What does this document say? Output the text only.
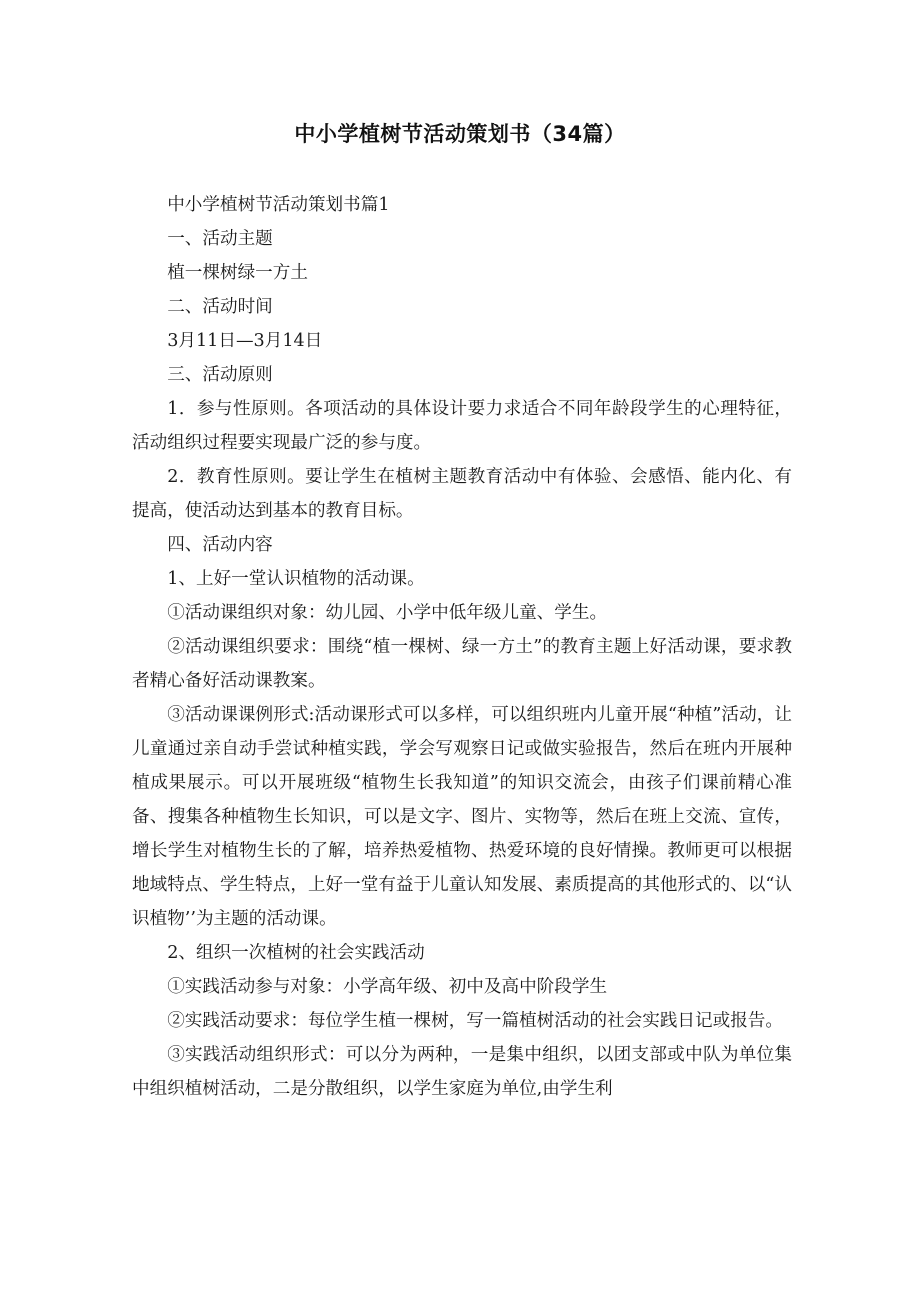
中小学植树节活动策划书（34篇）

中小学植树节活动策划书篇1

一、活动主题

植一棵树绿一方土

二、活动时间

3月11日—3月14日

三、活动原则

1．参与性原则。各项活动的具体设计要力求适合不同年龄段学生的心理特征，活动组织过程要实现最广泛的参与度。

2．教育性原则。要让学生在植树主题教育活动中有体验、会感悟、能内化、有提高，使活动达到基本的教育目标。

四、活动内容

1、上好一堂认识植物的活动课。

①活动课组织对象：幼儿园、小学中低年级儿童、学生。

②活动课组织要求：围绕“植一棵树、绿一方土”的教育主题上好活动课，要求教者精心备好活动课教案。

③活动课课例形式:活动课形式可以多样，可以组织班内儿童开展“种植”活动，让儿童通过亲自动手尝试种植实践，学会写观察日记或做实验报告，然后在班内开展种植成果展示。可以开展班级“植物生长我知道”的知识交流会，由孩子们课前精心准备、搜集各种植物生长知识，可以是文字、图片、实物等，然后在班上交流、宣传，增长学生对植物生长的了解，培养热爱植物、热爱环境的良好情操。教师更可以根据地域特点、学生特点，上好一堂有益于儿童认知发展、素质提高的其他形式的、以“认识植物’’为主题的活动课。

2、组织一次植树的社会实践活动

①实践活动参与对象：小学高年级、初中及高中阶段学生

②实践活动要求：每位学生植一棵树，写一篇植树活动的社会实践日记或报告。

③实践活动组织形式：可以分为两种，一是集中组织，以团支部或中队为单位集中组织植树活动，二是分散组织，以学生家庭为单位,由学生利
